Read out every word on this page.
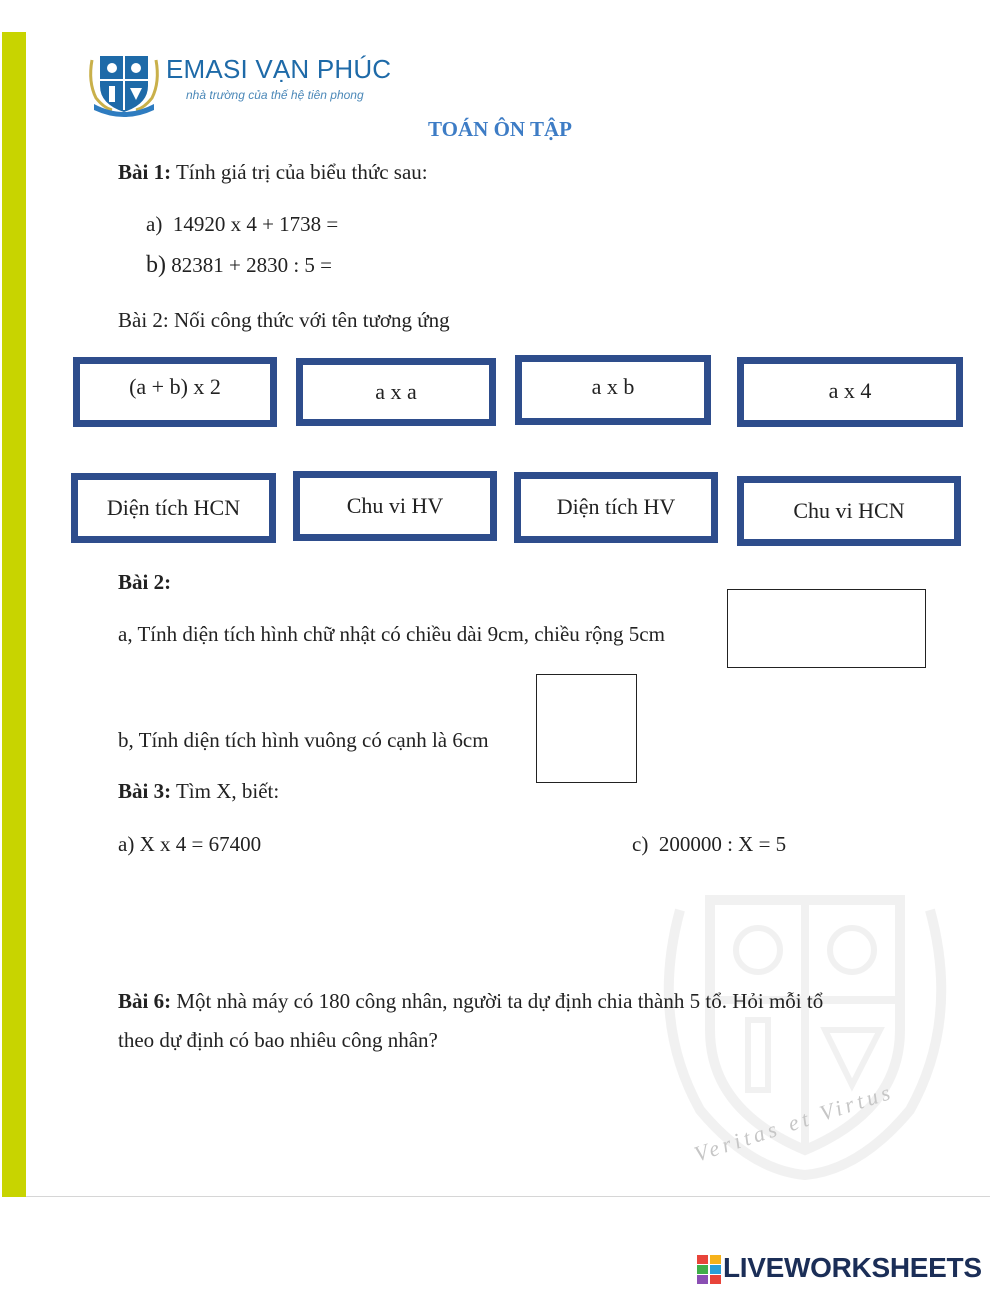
EMASI VẠN PHÚC
nhà trường của thế hệ tiên phong
Veritas et Virtus
TOÁN ÔN TẬP
Bài 1: Tính giá trị của biểu thức sau:
a) 14920 x 4 + 1738 =
b) 82381 + 2830 : 5 =
Bài 2: Nối công thức với tên tương ứng
(a + b) x 2	a x a	a x b	a x 4
Diện tích HCN	Chu vi HV	Diện tích HV	Chu vi HCN
Bài 2:
a, Tính diện tích hình chữ nhật có chiều dài 9cm, chiều rộng 5cm
b, Tính diện tích hình vuông có cạnh là 6cm
Bài 3: Tìm X, biết:
a) X x 4 = 67400	c) 200000 : X = 5
Bài 6: Một nhà máy có 180 công nhân, người ta dự định chia thành 5 tổ. Hỏi mỗi tổ
theo dự định có bao nhiêu công nhân?
LIVEWORKSHEETS
